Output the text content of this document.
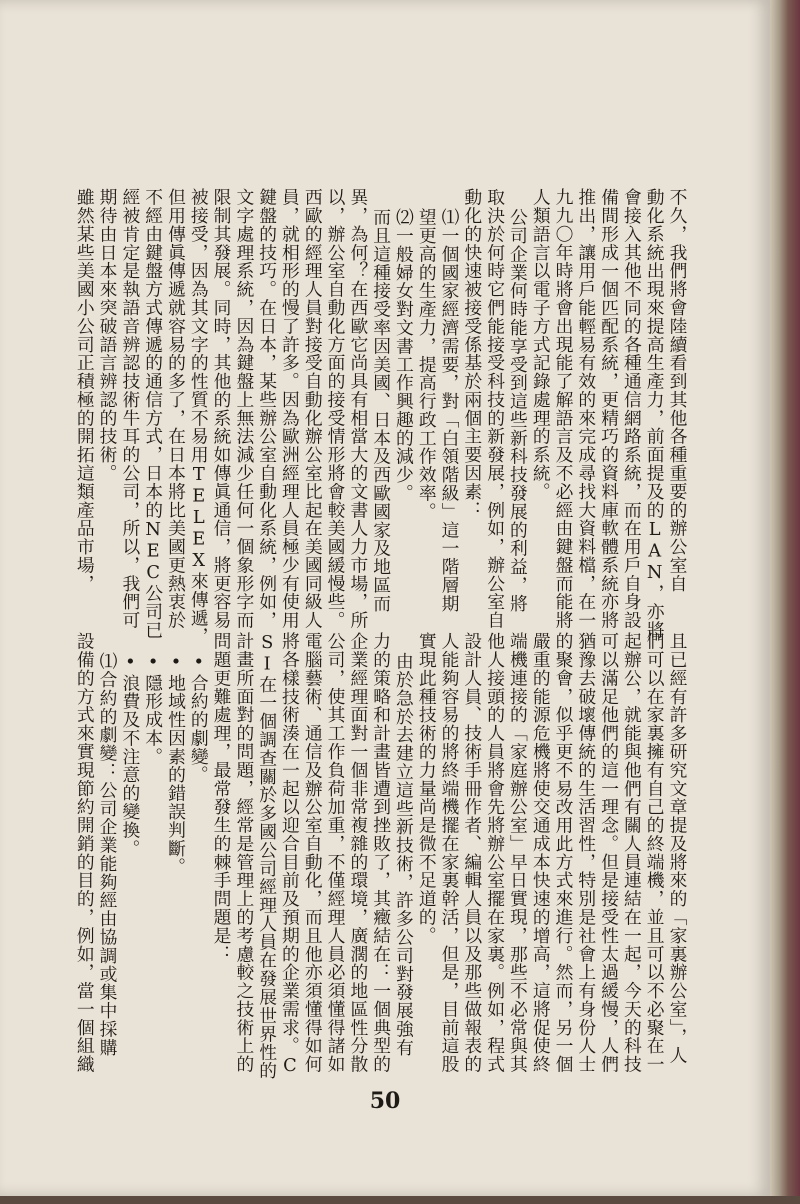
不久，我們將會陸續看到其他各種重要的辦公室自
動化系統出現來提高生產力，前面提及的LAN，亦將
會接入其他不同的各種通信網路系統，而在用戶自身設
備間形成一個匹配系統，更精巧的資料庫軟體系統亦將
推出，讓用戶能輕易有效的來完成尋找大資料檔，在一
九九〇年時將會出現能了解語言及不必經由鍵盤而能將
人類語言以電子方式記錄處理的系統。
公司企業何時能享受到這些新科技發展的利益，將
取決於何時它們能接受科技的新發展，例如，辦公室自
動化的快速被接受係基於兩個主要因素：
⑴一個國家經濟需要，對「白領階級」這一階層期
望更高的生產力，提高行政工作效率。
⑵一般婦女對文書工作興趣的減少。
而且這種接受率因美國、日本及西歐國家及地區而
異，為何？在西歐它尚具有相當大的文書人力市場，所
以，辦公室自動化方面的接受情形將會較美國緩慢些。
西歐的經理人員對接受自動化辦公室比起在美國同級人
員，就相形的慢了許多。因為歐洲經理人員極少有使用
鍵盤的技巧。在日本，某些辦公室自動化系統，例如，
文字處理系統，因為鍵盤上無法減少任何一個象形字而
限制其發展。同時，其他的系統如傳眞通信，將更容易
被接受，因為其文字的性質不易用TELEX來傳遞，
但用傳眞傳遞就容易的多了，在日本將比美國更熱衷於
不經由鍵盤方式傳遞的通信方式，日本的NEC公司已
經被肯定是執語音辨認技術牛耳的公司，所以，我們可
期待由日本來突破語言辨認的技術。
雖然某些美國小公司正積極的開拓這類產品市場，
且已經有許多研究文章提及將來的「家裏辦公室」，人
們可以在家裏擁有自己的終端機，並且可以不必聚在一
起辦公，就能與他們有關人員連結在一起，今天的科技
可以滿足他們的這一理念。但是接受性太過緩慢，人們
猶豫去破壞傳統的生活習性，特別是社會上有身份人士
的聚會，似乎更不易改用此方式來進行。然而，另一個
嚴重的能源危機將使交通成本快速的增高，這將促使終
端機連接的「家庭辦公室」早日實現，那些不必常與其
他人接頭的人員將會先將辦公室擺在家裏。例如，程式
設計人員、技術手冊作者、編輯人員以及那些做報表的
人能夠容易的將終端機擺在家裏幹活，但是，目前這股
實現此種技術的力量尚是微不足道的。
由於急於去建立這些新技術，許多公司對發展強有
力的策略和計畫皆遭到挫敗了，其癥結在：一個典型的
企業經理面對一個非常複雜的環境，廣濶的地區性分散
公司，使其工作負荷加重，不僅經理人員必須懂得諸如
電腦藝術、通信及辦公室自動化，而且他亦須懂得如何
將各樣技術湊在一起以迎合目前及預期的企業需求。C
SI在一個調查關於多國公司經理人員在發展世界性的
計畫所面對的問題，經常是管理上的考慮較之技術上的
問題更難處理，最常發生的棘手問題是：
•合約的劇變。
•地域性因素的錯誤判斷。
•隱形成本。
•浪費及不注意的變換。
⑴合約的劇變：公司企業能夠經由協調或集中採購
設備的方式來實現節約開銷的目的，例如，當一個組織
50
